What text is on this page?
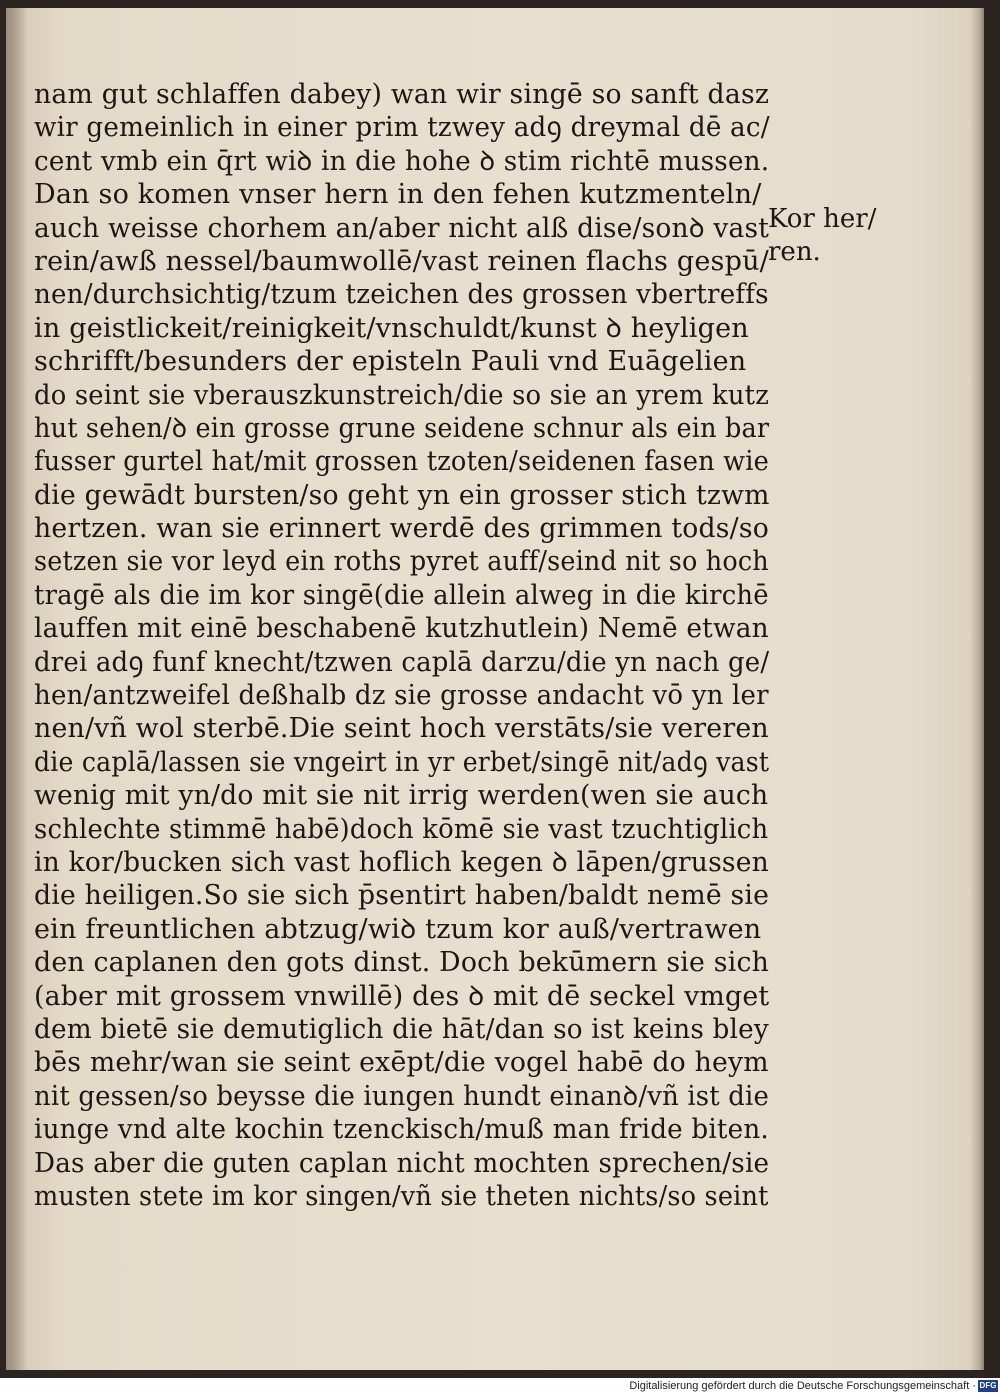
nam gut schlaffen dabey) wan wir singē so sanft dasz
wir gemeinlich in einer prim tzwey adꝯ dreymal dē ac/
cent vmb ein q̄rt wiꝺ in die hohe ꝺ stim richtē mussen.
Dan so komen vnser hern in den fehen kutzmenteln/
auch weisse chorhem an/aber nicht alß dise/sonꝺ vast
rein/awß nessel/baumwollē/vast reinen flachs gespū/
nen/durchsichtig/tzum tzeichen des grossen vbertreffs
in geistlickeit/reinigkeit/vnschuldt/kunst ꝺ heyligen
schrifft/besunders der episteln Pauli vnd Euāgelien
do seint sie vberauszkunstreich/die so sie an yrem kutz
hut sehen/ꝺ ein grosse grune seidene schnur als ein bar
fusser gurtel hat/mit grossen tzoten/seidenen fasen wie
die gewādt bursten/so geht yn ein grosser stich tzwm
hertzen. wan sie erinnert werdē des grimmen tods/so
setzen sie vor leyd ein roths pyret auff/seind nit so hoch
tragē als die im kor singē(die allein alweg in die kirchē
lauffen mit einē beschabenē kutzhutlein) Nemē etwan
drei adꝯ funf knecht/tzwen caplā darzu/die yn nach ge/
hen/antzweifel deßhalb dz sie grosse andacht vō yn ler
nen/vñ wol sterbē.Die seint hoch verstāts/sie vereren
die caplā/lassen sie vngeirt in yr erbet/singē nit/adꝯ vast
wenig mit yn/do mit sie nit irrig werden(wen sie auch
schlechte stimmē habē)doch kōmē sie vast tzuchtiglich
in kor/bucken sich vast hoflich kegen ꝺ lāpen/grussen
die heiligen.So sie sich p̄sentirt haben/baldt nemē sie
ein freuntlichen abtzug/wiꝺ tzum kor auß/vertrawen
den caplanen den gots dinst. Doch bekūmern sie sich
(aber mit grossem vnwillē) des ꝺ mit dē seckel vmget
dem bietē sie demutiglich die hāt/dan so ist keins bley
bēs mehr/wan sie seint exēpt/die vogel habē do heym
nit gessen/so beysse die iungen hundt einanꝺ/vñ ist die
iunge vnd alte kochin tzenckisch/muß man fride biten.
Das aber die guten caplan nicht mochten sprechen/sie
musten stete im kor singen/vñ sie theten nichts/so seint
Kor her/
ren.
Digitalisierung gefördert durch die Deutsche Forschungsgemeinschaft · DFG
